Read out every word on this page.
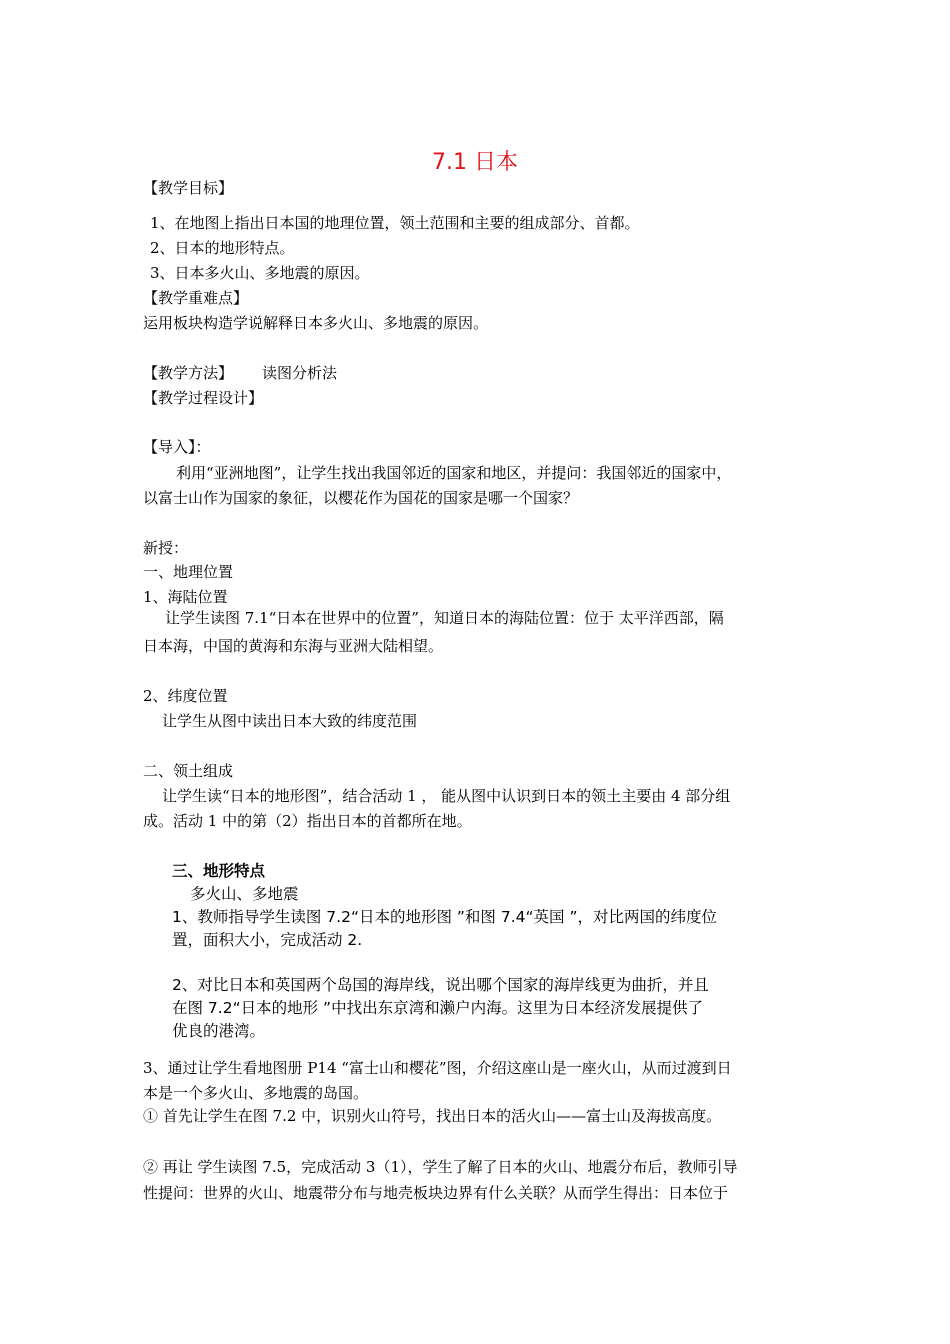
7.1 日本
【教学目标】
1、在地图上指出日本国的地理位置，领土范围和主要的组成部分、首都。
2、日本的地形特点。
3、日本多火山、多地震的原因。
【教学重难点】
运用板块构造学说解释日本多火山、多地震的原因。
【教学方法】 读图分析法
【教学过程设计】
【导入】：
利用“亚洲地图”，让学生找出我国邻近的国家和地区，并提问：我国邻近的国家中，
以富士山作为国家的象征，以樱花作为国花的国家是哪一个国家？
新授：
一、地理位置
1、海陆位置
让学生读图 7.1“日本在世界中的位置”，知道日本的海陆位置：位于 太平洋西部，隔
日本海，中国的黄海和东海与亚洲大陆相望。
2、纬度位置
让学生从图中读出日本大致的纬度范围
二、领土组成
让学生读“日本的地形图”，结合活动 1 ， 能从图中认识到日本的领土主要由 4 部分组
成。活动 1 中的第（2）指出日本的首都所在地。
三、地形特点
多火山、多地震
1、教师指导学生读图 7.2“日本的地形图 ”和图 7.4“英国 ”，对比两国的纬度位
置，面积大小，完成活动 2.
2、对比日本和英国两个岛国的海岸线，说出哪个国家的海岸线更为曲折，并且
在图 7.2“日本的地形 ”中找出东京湾和濑户内海。这里为日本经济发展提供了
优良的港湾。
3、通过让学生看地图册 P14 “富士山和樱花”图，介绍这座山是一座火山，从而过渡到日
本是一个多火山、多地震的岛国。
① 首先让学生在图 7.2 中，识别火山符号，找出日本的活火山——富士山及海拔高度。
② 再让 学生读图 7.5，完成活动 3（1），学生了解了日本的火山、地震分布后，教师引导
性提问：世界的火山、地震带分布与地壳板块边界有什么关联？从而学生得出：日本位于
